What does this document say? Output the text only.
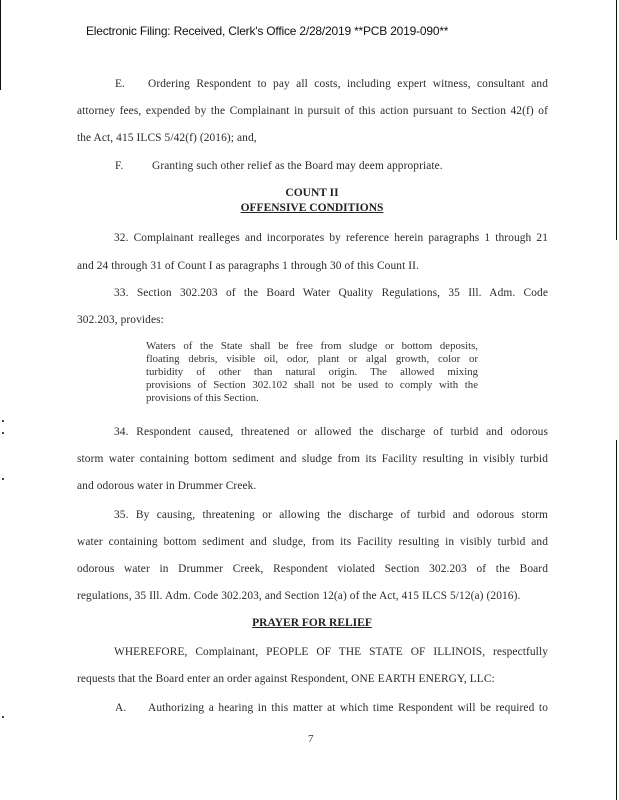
Electronic Filing: Received, Clerk's Office 2/28/2019 **PCB 2019-090**
E. Ordering Respondent to pay all costs, including expert witness, consultant and
attorney fees, expended by the Complainant in pursuit of this action pursuant to Section 42(f) of
the Act, 415 ILCS 5/42(f) (2016); and,
F.	Granting such other relief as the Board may deem appropriate.
COUNT II
OFFENSIVE CONDITIONS
32. Complainant realleges and incorporates by reference herein paragraphs 1 through 21
and 24 through 31 of Count I as paragraphs 1 through 30 of this Count II.
33. Section 302.203 of the Board Water Quality Regulations, 35 Ill. Adm. Code
302.203, provides:
Waters of the State shall be free from sludge or bottom deposits,
floating debris, visible oil, odor, plant or algal growth, color or
turbidity of other than natural origin. The allowed mixing
provisions of Section 302.102 shall not be used to comply with the
provisions of this Section.
34. Respondent caused, threatened or allowed the discharge of turbid and odorous
storm water containing bottom sediment and sludge from its Facility resulting in visibly turbid
and odorous water in Drummer Creek.
35. By causing, threatening or allowing the discharge of turbid and odorous storm
water containing bottom sediment and sludge, from its Facility resulting in visibly turbid and
odorous water in Drummer Creek, Respondent violated Section 302.203 of the Board
regulations, 35 Ill. Adm. Code 302.203, and Section 12(a) of the Act, 415 ILCS 5/12(a) (2016).
PRAYER FOR RELIEF
WHEREFORE, Complainant, PEOPLE OF THE STATE OF ILLINOIS, respectfully
requests that the Board enter an order against Respondent, ONE EARTH ENERGY, LLC:
A. Authorizing a hearing in this matter at which time Respondent will be required to
7
